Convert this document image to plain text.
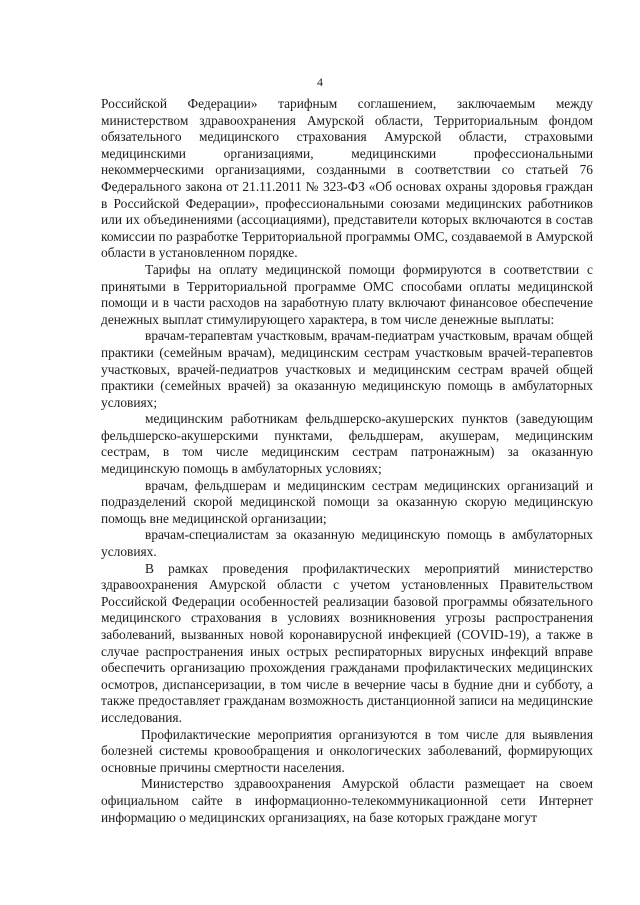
4

Российской Федерации» тарифным соглашением, заключаемым между министерством здравоохранения Амурской области, Территориальным фондом обязательного медицинского страхования Амурской области, страховыми медицинскими организациями, медицинскими профессиональными некоммерческими организациями, созданными в соответствии со статьей 76 Федерального закона от 21.11.2011 № 323-ФЗ «Об основах охраны здоровья граждан в Российской Федерации», профессиональными союзами медицинских работников или их объединениями (ассоциациями), представители которых включаются в состав комиссии по разработке Территориальной программы ОМС, создаваемой в Амурской области в установленном порядке.

Тарифы на оплату медицинской помощи формируются в соответствии с принятыми в Территориальной программе ОМС способами оплаты медицинской помощи и в части расходов на заработную плату включают финансовое обеспечение денежных выплат стимулирующего характера, в том числе денежные выплаты:

врачам-терапевтам участковым, врачам-педиатрам участковым, врачам общей практики (семейным врачам), медицинским сестрам участковым врачей-терапевтов участковых, врачей-педиатров участковых и медицинским сестрам врачей общей практики (семейных врачей) за оказанную медицинскую помощь в амбулаторных условиях;

медицинским работникам фельдшерско-акушерских пунктов (заведующим фельдшерско-акушерскими пунктами, фельдшерам, акушерам, медицинским сестрам, в том числе медицинским сестрам патронажным) за оказанную медицинскую помощь в амбулаторных условиях;

врачам, фельдшерам и медицинским сестрам медицинских организаций и подразделений скорой медицинской помощи за оказанную скорую медицинскую помощь вне медицинской организации;

врачам-специалистам за оказанную медицинскую помощь в амбулаторных условиях.

В рамках проведения профилактических мероприятий министерство здравоохранения Амурской области с учетом установленных Правительством Российской Федерации особенностей реализации базовой программы обязательного медицинского страхования в условиях возникновения угрозы распространения заболеваний, вызванных новой коронавирусной инфекцией (COVID-19), а также в случае распространения иных острых респираторных вирусных инфекций вправе обеспечить организацию прохождения гражданами профилактических медицинских осмотров, диспансеризации, в том числе в вечерние часы в будние дни и субботу, а также предоставляет гражданам возможность дистанционной записи на медицинские исследования.

Профилактические мероприятия организуются в том числе для выявления болезней системы кровообращения и онкологических заболеваний, формирующих основные причины смертности населения.

Министерство здравоохранения Амурской области размещает на своем официальном сайте в информационно-телекоммуникационной сети Интернет информацию о медицинских организациях, на базе которых граждане могут
